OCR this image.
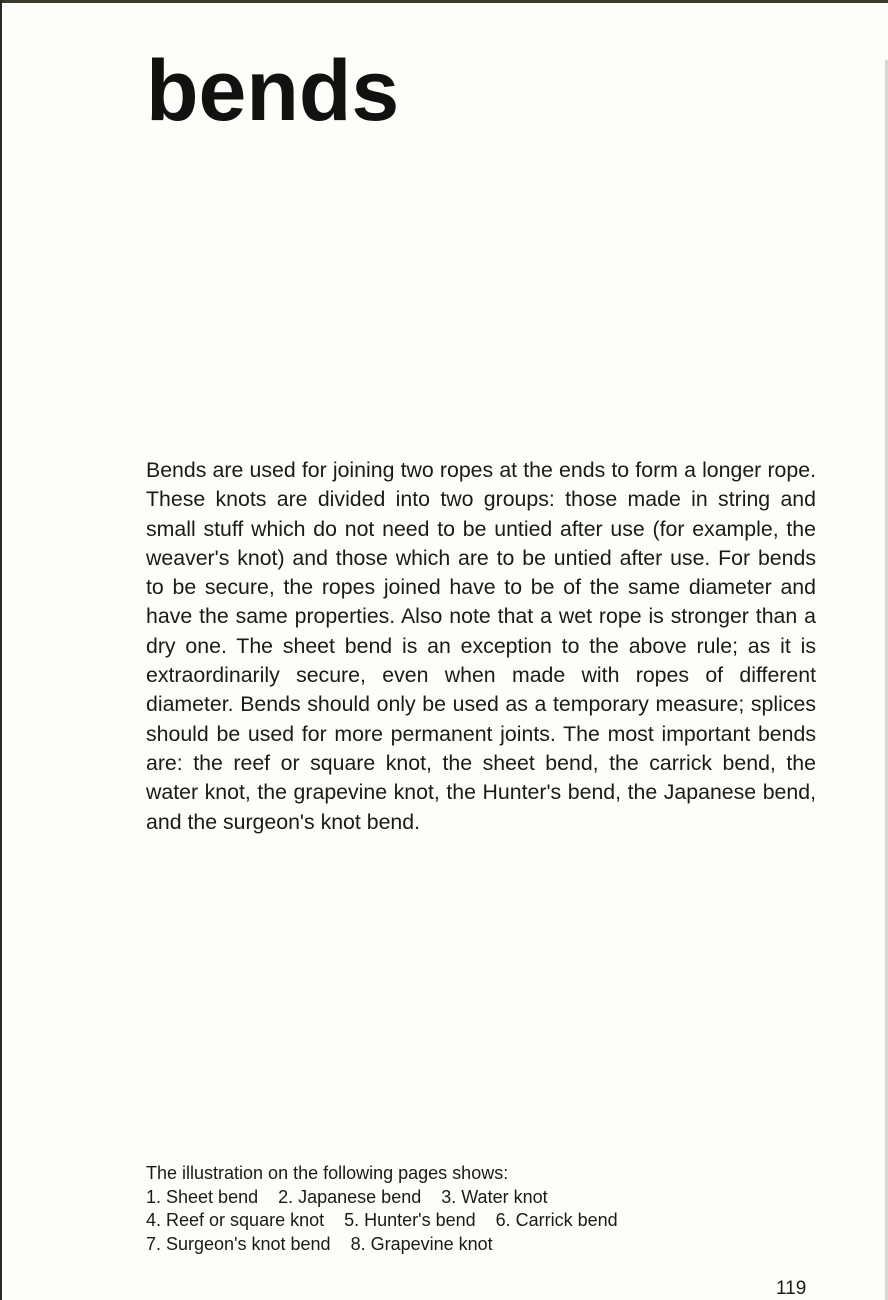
bends

Bends are used for joining two ropes at the ends to form a longer rope. These knots are divided into two groups: those made in string and small stuff which do not need to be untied after use (for example, the weaver's knot) and those which are to be untied after use. For bends to be secure, the ropes joined have to be of the same diameter and have the same properties. Also note that a wet rope is stronger than a dry one. The sheet bend is an exception to the above rule; as it is extraordinarily secure, even when made with ropes of different diameter. Bends should only be used as a temporary measure; splices should be used for more permanent joints. The most important bends are: the reef or square knot, the sheet bend, the carrick bend, the water knot, the grapevine knot, the Hunter's bend, the Japanese bend, and the surgeon's knot bend.

The illustration on the following pages shows:
1. Sheet bend    2. Japanese bend    3. Water knot
4. Reef or square knot    5. Hunter's bend    6. Carrick bend
7. Surgeon's knot bend    8. Grapevine knot
119
